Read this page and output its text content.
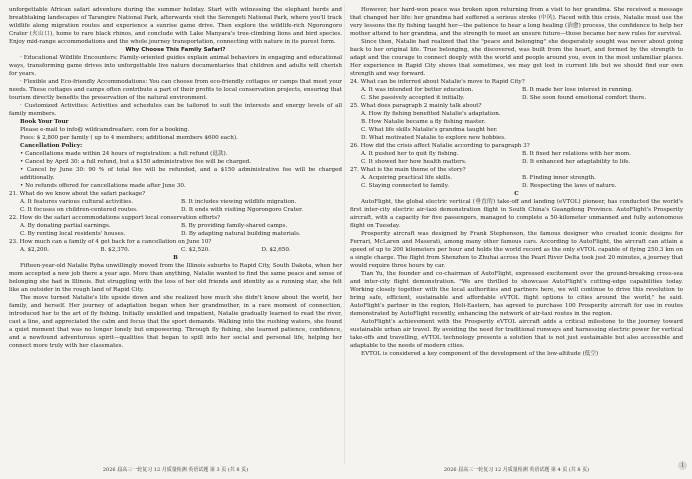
unforgettable African safari adventure during the summer holiday. Start with witnessing the elephant herds and breathtaking landscapes of Tarangire National Park, afterwards visit the Serengeti National Park, where you'll track wildlife along migration routes and experience a sunrise game drive. Then explore the wildlife-rich Ngorongoro Crater (火山口), home to rare black rhinos, and conclude with Lake Manyara's tree-climbing lions and bird species. Enjoy mid-range accommodations and the whole journey transportation, connecting with nature in its purest form.

Why Choose This Family Safari?

· Educational Wildlife Encounters: Family-oriented guides explain animal behaviors in engaging and educational ways, transforming game drives into unforgettable live nature documentaries that children and adults will cherish for years.

· Flexible and Eco-friendly Accommodations: You can choose from eco-friendly cottages or camps that meet your needs. These cottages and camps often contribute a part of their profits to local conservation projects, ensuring that tourism directly benefits the preservation of the natural environment.

· Customized Activities: Activities and schedules can be tailored to suit the interests and energy levels of all family members.

Book Your Tour

Please e-mail to info@ wildcamdreafarc. com for a booking.

Fees: $ 2,800 per family ( up to 4 members; additional members $600 each).

Cancellation Policy:

• Cancellations made within 24 hours of registration: a full refund (退款).

• Cancel by April 30: a full refund, but a $150 administrative fee will be charged.

• Cancel by June 30: 90 % of total fee will be refunded, and a $150 administrative fee will be charged additionally.

• No refunds offered for cancellations made after June 30.

21. What do we know about the safari package?

A. It features various cultural activities.	B. It includes viewing wildlife migration.
C. It focuses on children-centered routes.	D. It ends with visiting Ngorongoro Crater.

22. How do the safari accommodations support local conservation efforts?

A. By donating partial earnings.	B. By providing family-shared camps.
C. By renting local residents' houses.	D. By adapting natural building materials.

23. How much can a family of 4 get back for a cancellation on June 10?

A. $2,200.	B. $2,370.	C. $2,520.	D. $2,650.

B

Fifteen-year-old Natalie Ryba unwillingly moved from the Illinois suburbs to Rapid City, South Dakota, when her mom accepted a new job there a year ago. More than anything, Natalie wanted to find the same peace and sense of belonging she had in Illinois. But struggling with the loss of her old friends and identity as a running star, she felt like an outsider in the rough land of Rapid City.

The move turned Natalie's life upside down and she realized how much she didn't know about the world, her family, and herself. Her journey of adaptation began when her grandmother, in a rare moment of connection, introduced her to the art of fly fishing. Initially unskilled and impatient, Natalie gradually learned to read the river, cast a line, and appreciated the calm and focus that the sport demands. Walking into the rushing waters, she found a quiet moment that was no longer lonely but empowering. Through fly fishing, she learned patience, confidence, and a newfound adventurous spirit—qualities that began to spill into her social and personal life, helping her connect more truly with her classmates.

However, her hard-won peace was broken upon returning from a visit to her grandma. She received a message that changed her life: her grandma had suffered a serious stroke (中风). Faced with this crisis, Natalie must use the very lessons the fly fishing taught her—the patience to hear a long healing (治愈) process, the confidence to help her mother attend to her grandma, and the strength to meet an unsure future—those became her new rules for survival.

Since then, Natalie had realized that the "peace and belonging" she desperately sought was never about going back to her original life. True belonging, she discovered, was built from the heart, and formed by the strength to adapt and the courage to connect deeply with the world and people around you, even in the most unfamiliar places. Her experience in Rapid City shows that sometimes, we may get lost in current life but we should find our own strength and way forward.

24. What can be inferred about Natalie's move to Rapid City?

A. It was intended for better education.	B. It made her lose interest in running.
C. She passively accepted it initially.	D. She soon found emotional comfort there.

25. What does paragraph 2 mainly talk about?

A. How fly fishing benefited Natalie's adaptation.
B. How Natalie became a fly fishing master.
C. What life skills Natalie's grandma taught her.
D. What motivated Natalie to explore new hobbies.

26. How did the crisis affect Natalie according to paragraph 3?

A. It pushed her to quit fly fishing.	B. It fixed her relations with her mom.
C. It showed her how health matters.	D. It enhanced her adaptability to life.

27. What is the main theme of the story?

A. Acquiring practical life skills.	B. Finding inner strength.
C. Staying connected to family.	D. Respecting the laws of nature.

C

AutoFlight, the global electric vertical (垂直的) take-off and landing (eVTOL) pioneer, has conducted the world's first inter-city electric air-taxi demonstration flight in South China's Guangdong Province. AutoFlight's Prosperity aircraft, with a capacity for five passengers, managed to complete a 50-kilometer unmanned and fully autonomous flight on Tuesday.

Prosperity aircraft was designed by Frank Stephenson, the famous designer who created iconic designs for Ferrari, McLaren and Maserati, among many other famous cars. According to AutoFlight, the aircraft can attain a speed of up to 200 kilometers per hour and holds the world record as the only eVTOL capable of flying 250.3 km on a single charge. The flight from Shenzhen to Zhuhai across the Pearl River Delta took just 20 minutes, a journey that would require three hours by car.

Tian Yu, the founder and co-chairman of AutoFlight, expressed excitement over the ground-breaking cross-sea and inter-city flight demonstration. "We are thrilled to showcase AutoFlight's cutting-edge capabilities today. Working closely together with the local authorities and partners here, we will continue to drive this revolution to bring safe, efficient, sustainable and affordable eVTOL flight options to cities around the world," he said. AutoFlight's partner in the region, Heli-Eastern, has agreed to purchase 100 Prosperity aircraft for use in routes demonstrated by AutoFlight recently, enhancing the network of air-taxi routes in the region.

AutoFlight's achievement with the Prosperity eVTOL aircraft adds a critical milestone to the journey toward sustainable urban air travel. By avoiding the need for traditional runways and harnessing electric power for vertical take-offs and travelling, eVTOL technology presents a solution that is not just sustainable but also accessible and adaptable to the needs of modern cities.

EVTOL is considered a key component of the development of the low-altitude (低空)

2026 届高三一轮复习 12 月质量检测 英语试题 第 3 页 (共 8 页)	2026 届高三一轮复习 12 月质量检测 英语试题 第 4 页 (共 8 页)
i
